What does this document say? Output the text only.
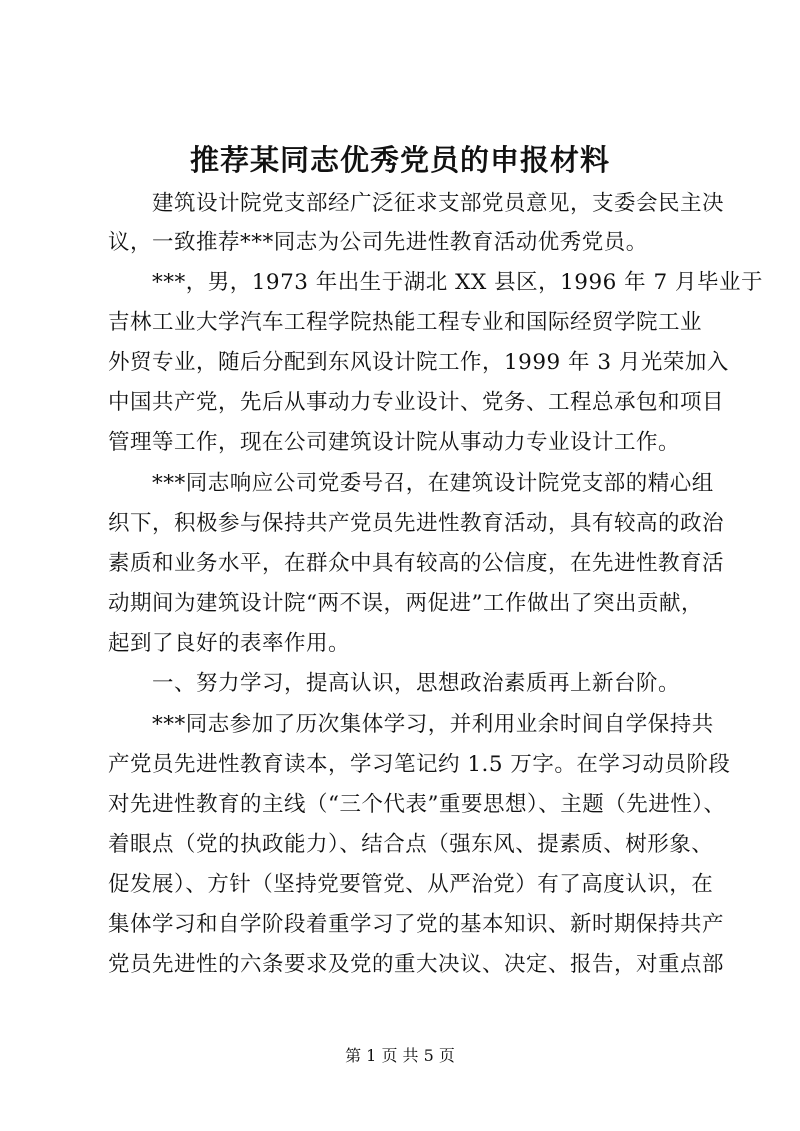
推荐某同志优秀党员的申报材料
　　建筑设计院党支部经广泛征求支部党员意见，支委会民主决
议，一致推荐***同志为公司先进性教育活动优秀党员。
　　***，男，1973 年出生于湖北 XX 县区，1996 年 7 月毕业于
吉林工业大学汽车工程学院热能工程专业和国际经贸学院工业
外贸专业，随后分配到东风设计院工作，1999 年 3 月光荣加入
中国共产党，先后从事动力专业设计、党务、工程总承包和项目
管理等工作，现在公司建筑设计院从事动力专业设计工作。
　　***同志响应公司党委号召，在建筑设计院党支部的精心组
织下，积极参与保持共产党员先进性教育活动，具有较高的政治
素质和业务水平，在群众中具有较高的公信度，在先进性教育活
动期间为建筑设计院“两不误，两促进”工作做出了突出贡献，
起到了良好的表率作用。
　　一、努力学习，提高认识，思想政治素质再上新台阶。
　　***同志参加了历次集体学习，并利用业余时间自学保持共
产党员先进性教育读本，学习笔记约 1.5 万字。在学习动员阶段
对先进性教育的主线（“三个代表”重要思想）、主题（先进性）、
着眼点（党的执政能力）、结合点（强东风、提素质、树形象、
促发展）、方针（坚持党要管党、从严治党）有了高度认识，在
集体学习和自学阶段着重学习了党的基本知识、新时期保持共产
党员先进性的六条要求及党的重大决议、决定、报告，对重点部
第 1 页 共 5 页
